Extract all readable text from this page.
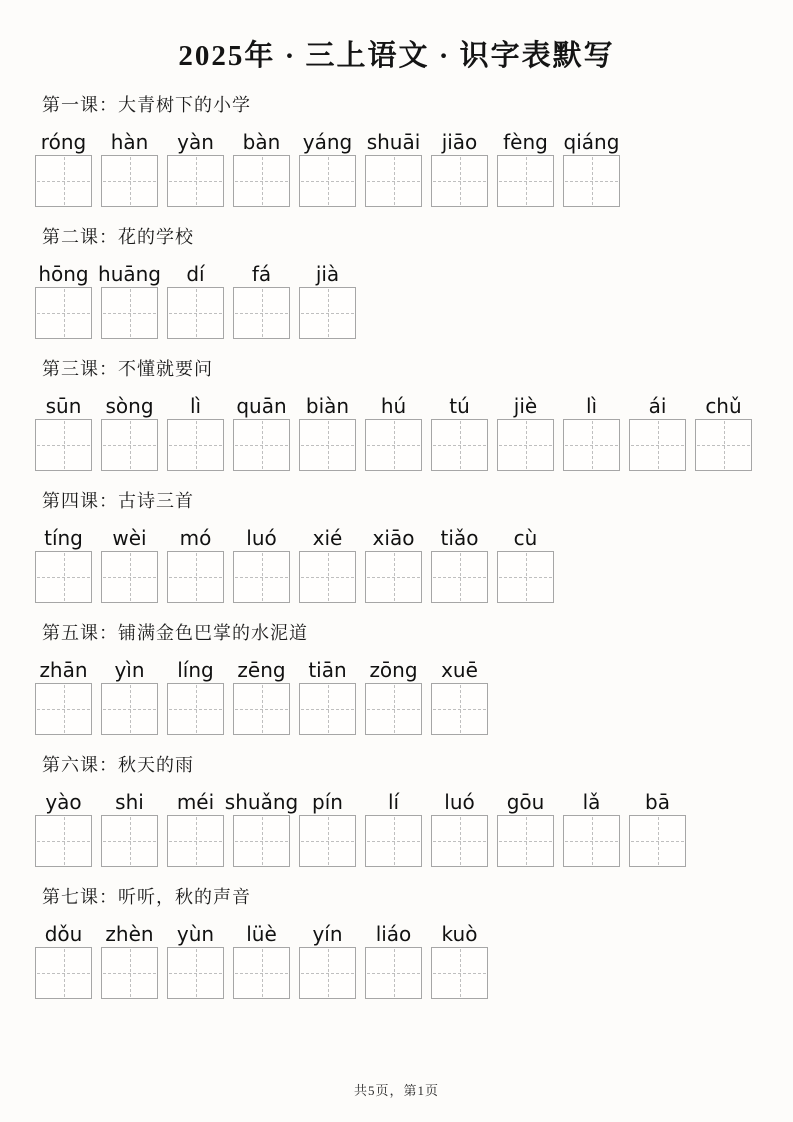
2025年 · 三上语文 · 识字表默写
第一课：大青树下的小学
róng hàn yàn bàn yáng shuāi jiāo fèng qiáng
第二课：花的学校
hōng huāng dí fá jià
第三课：不懂就要问
sūn sòng lì quān biàn hú tú jiè lì	ái chǔ
第四课：古诗三首
tíng wèi mó luó xié xiāo tiǎo cù
第五课：铺满金色巴掌的水泥道
zhān yìn líng zēng tiān zōng xuē
第六课：秋天的雨
yào shi méi shuǎng pín lí luó gōu lǎ bā
第七课：听听，秋的声音
dǒu zhèn yùn lüè yín liáo kuò
共5页，第1页
